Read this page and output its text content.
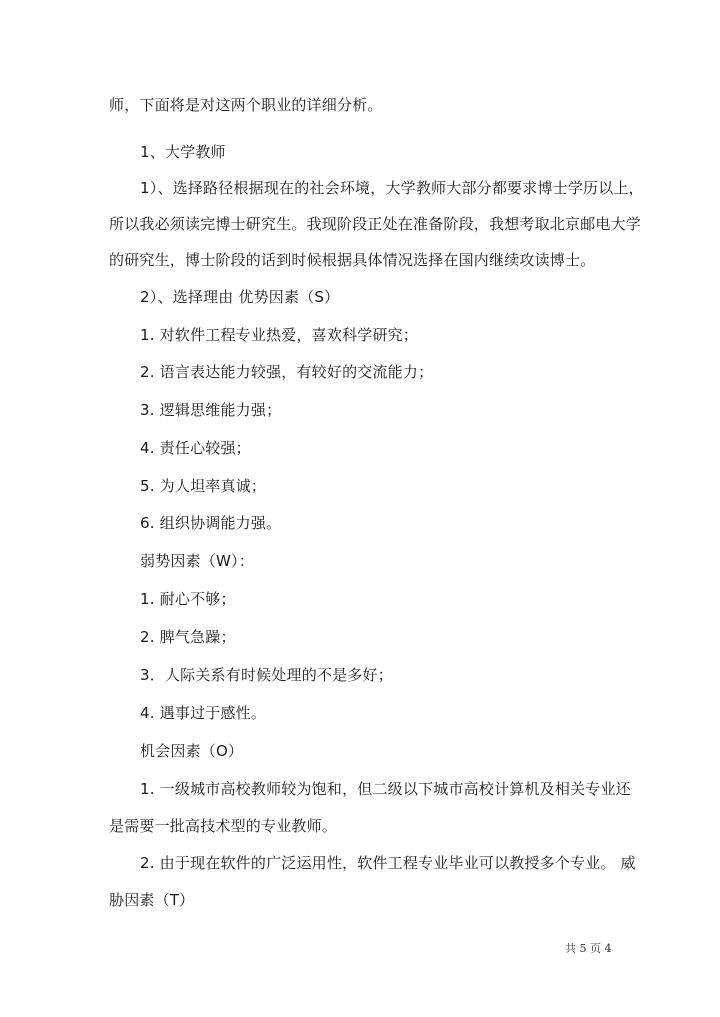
师，下面将是对这两个职业的详细分析。
1、大学教师
1）、选择路径根据现在的社会环境，大学教师大部分都要求博士学历以上，
所以我必须读完博士研究生。我现阶段正处在准备阶段，我想考取北京邮电大学
的研究生，博士阶段的话到时候根据具体情况选择在国内继续攻读博士。
2）、选择理由 优势因素（S）
1. 对软件工程专业热爱，喜欢科学研究；
2. 语言表达能力较强，有较好的交流能力；
3. 逻辑思维能力强；
4. 责任心较强；
5. 为人坦率真诚；
6. 组织协调能力强。
弱势因素（W）：
1. 耐心不够；
2. 脾气急躁；
3．人际关系有时候处理的不是多好；
4. 遇事过于感性。
机会因素（O）
1. 一级城市高校教师较为饱和，但二级以下城市高校计算机及相关专业还
是需要一批高技术型的专业教师。
2. 由于现在软件的广泛运用性，软件工程专业毕业可以教授多个专业。 威
胁因素（T）
共 5 页 4
